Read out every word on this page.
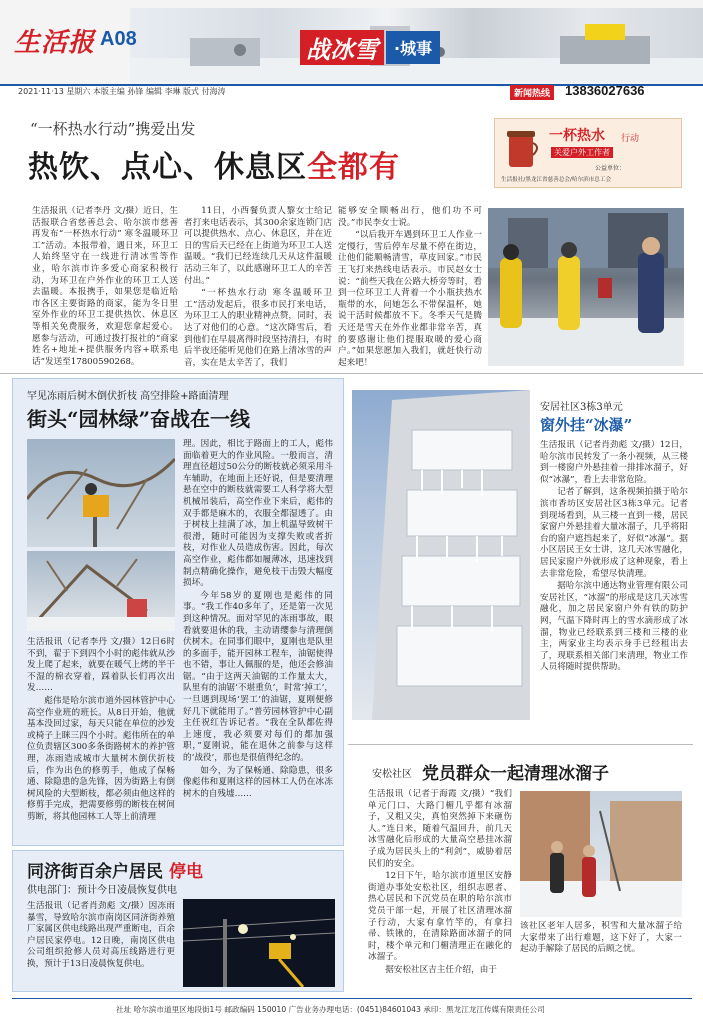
生活报 A08	战冰雪	·城事
2021·11·13 星期六 本版主编 孙锋 编辑 李琳 版式 付海涛	新闻热线	13836027636
“一杯热水行动”携爱出发
热饮、点心、休息区全都有
一杯热水 行动
关爱户外工作者
公益单位：
生活报社/黑龙江省慈善总会/哈尔滨市总工会
生活报讯（记者李丹 文/摄）近日，生活报联合省慈善总会、哈尔滨市慈善再发布“一杯热水行动” 寒冬温暖环卫工”活动。本报带着，遇日来，环卫工人始终坚守在一线进行清冰雪等作业，哈尔滨市许多爱心商家积极行动，为环卫在户外作业的环卫工人送去温暖。本报携手，如果您是临近哈市各区主要街路的商家，能为冬日里室外作业的环卫工提供热饮、休息区等相关免费服务，欢迎您拿起爱心。愿参与活动，可通过拨打报社的“商家姓名+地址+提供服务内容+联系电话”发送至17800590268。
11日，小西餐负责人黎女士给记者打来电话表示，其300余家连锁门店可以提供热水、点心、休息区，并在近日的雪后天已经在上街道为环卫工人送温暖。“我们已经连续几天从这件温暖活动三年了，以此感谢环卫工人的辛苦付出。”
“一杯热水行动 寒冬温暖环卫工”活动发起后，很多市民打来电话，为环卫工人的职业精神点赞，同时，表达了对他们的心意。“这次降雪后，看到他们在早晨离得时段坚持清扫，有时后半夜还能听见他们在路上清冰雪的声音，实在是太辛苦了，我们
能够安全顺畅出行，他们功不可没。”市民李女士说。
“以后我开车遇到环卫工人作业一定慢行，雪后停车尽量不停在街边，让他们能顺畅清雪，草皮回家。”市民王飞打来热线电话表示。市民赵女士说：“前些天我在公路大桥旁等时，看到一位环卫工人背着一个小瓶扶热水瓶带的水，问她怎么不带保温杯，她说干活时候都放不下。冬季天气是腾天还是雪天在外作业都非常辛苦，真的要感谢让他们提服取暖的爱心商户。”如果您愿加入我们，就赶快行动起来吧！
罕见冻雨后树木倒伏折枝 高空排险+路面清理
街头“园林绿”奋战在一线
生活报讯（记者李丹 文/摄）12日6时不到，翟于下到四个小时的彪伟就从沙发上爬了起来，就要在暖气上烤的半干不湿的棉衣穿着，踩着队长们再次出发……
彪伟是哈尔滨市道外园林管护中心高空作业班的班长。从8日开始，他就基本没回过家，每天只能在单位的沙发或椅子上眯三四个小时。彪伟所在的单位负责辖区300多条街路树木的养护管理，冻雨造成城市大量树木倒伏折枝后，作为出色的修剪手，他成了保畅通、除隐患的急先锋，因为街路上有倒树风险的大型断枝，都必须由他这样的修剪手完成，把需要修剪的断枝在树间剪断，将其他园林工人等上前清理
理。因此，相比于路面上的工人，彪伟面临着更大的作业风险。一般而言，清理直径超过50公分的断枝就必须采用斗车辅助，在地面上还好说，但是要清理悬在空中的断枝就需要工人科学将大型机械吊装后，高空作业下来后，彪伟的双手都是麻木的，衣服全都湿透了。由于树枝上挂满了冰，加上机温导致树干很滑，随时可能因为支撑失败或者折枝，对作业人员造成伤害。因此，每次高空作业，彪伟都如履薄冰，迅速找到制点精确化操作，避免枝干击毁大幅度损坏。
今年58岁的夏刚也是彪伟的同事。“我工作40多年了，还是第一次见到这种情况。面对罕见的冻雨事故，眼看就要退休的我，主动请缨参与清理倒伏树木。在同事们眼中，夏刚也是队里的多面手，能开园林工程车，油锯使得也不错，事让人佩服的是，他还会修油锯。“由于这两天油锯的工作量太大，队里有的油锯‘不堪重负’，时常‘掉工’，一旦遇到现场‘罢工’的油锯，夏刚便修好几下就能用了。”普劳园林管护中心副主任祝红告诉记者。“我在全队都佐得上速度，我必须要对每们的都加强职，”夏刚说，能在退休之前参与这样的‘战役’，那也是很值得纪念的。
如今，为了保畅通、除隐患，很多像彪伟和夏刚这样的园林工人仍在冰冻树木的自残墟……
安居社区3栋3单元
窗外挂“冰瀑”
生活报讯（记者肖劲彪 文/摄）12日，哈尔滨市民转发了一条小视频，从三楼到一楼窗户外悬挂着一排排冰溜子，好似“冰瀑”，看上去非常危险。
记者了解到，这条视频拍摄于哈尔滨市香坊区安居社区3栋3单元。记者到现场看到，从三楼一直到一楼，居民家窗户外悬挂着大量冰溜子，几乎将阳台的窗户遮挡起来了，好似“冰瀑”。据小区居民王女士讲，这几天冰雪融化，居民家窗户外就形成了这种现象，看上去非常危险，希望尽快清理。
据哈尔滨中通达物业管理有限公司安居社区，“冰溜”的形成是这几天冰雪融化，加之居民家窗户外有铁的防护网，气温下降时再上的雪水滴形成了冰溜，物业已经联系到三楼和三楼的业主，两家业主均表示身手已经租出去了，现联系相关部门来清理，物业工作人员将随时提供帮助。
安松社区 党员群众一起清理冰溜子
生活报讯（记者于海霞 文/摄）“我们单元门口、大路门楣几乎都有冰溜子，又粗又尖，真怕突然掉下来砸伤人。”连日来，随着气温回升，前几天冰雪融化后形成的大量高空悬挂冰溜子成为居民头上的“利剑”，威胁着居民们的安全。
12日下午，哈尔滨市道里区安静街道办事处安松社区，组织志愿者、热心居民和下沉党员在职的哈尔滨市党员干部一起，开展了社区清理冰溜子行动，大家有拿竹竿的，有拿扫帚、铁锹的，在清除路面冰溜子的同时，楼个单元和门楣清理正在融化的冰溜子。
据安松社区吉主任介绍，由于
该社区老年人居多，积雪和大量冰溜子给大家带来了出行难题，这下好了，大家一起动手解除了居民的后顾之忧。
同济街百余户居民 停电
供电部门：预计今日凌晨恢复供电
生活报讯（记者肖劲彪 文/摄）因冻雨暴雪，导致哈尔滨市南岗区同济街养殖厂家属区供电线路出现严重断电，百余户居民家停电。12日晚，南岗区供电公司组织抢修人员对高压线路进行更换，预计于13日凌晨恢复供电。
社址 哈尔滨市道里区地段街1号 邮政编码 150010 广告业务办理电话：(0451)84601043 承印：黑龙江龙江传媒有限责任公司
